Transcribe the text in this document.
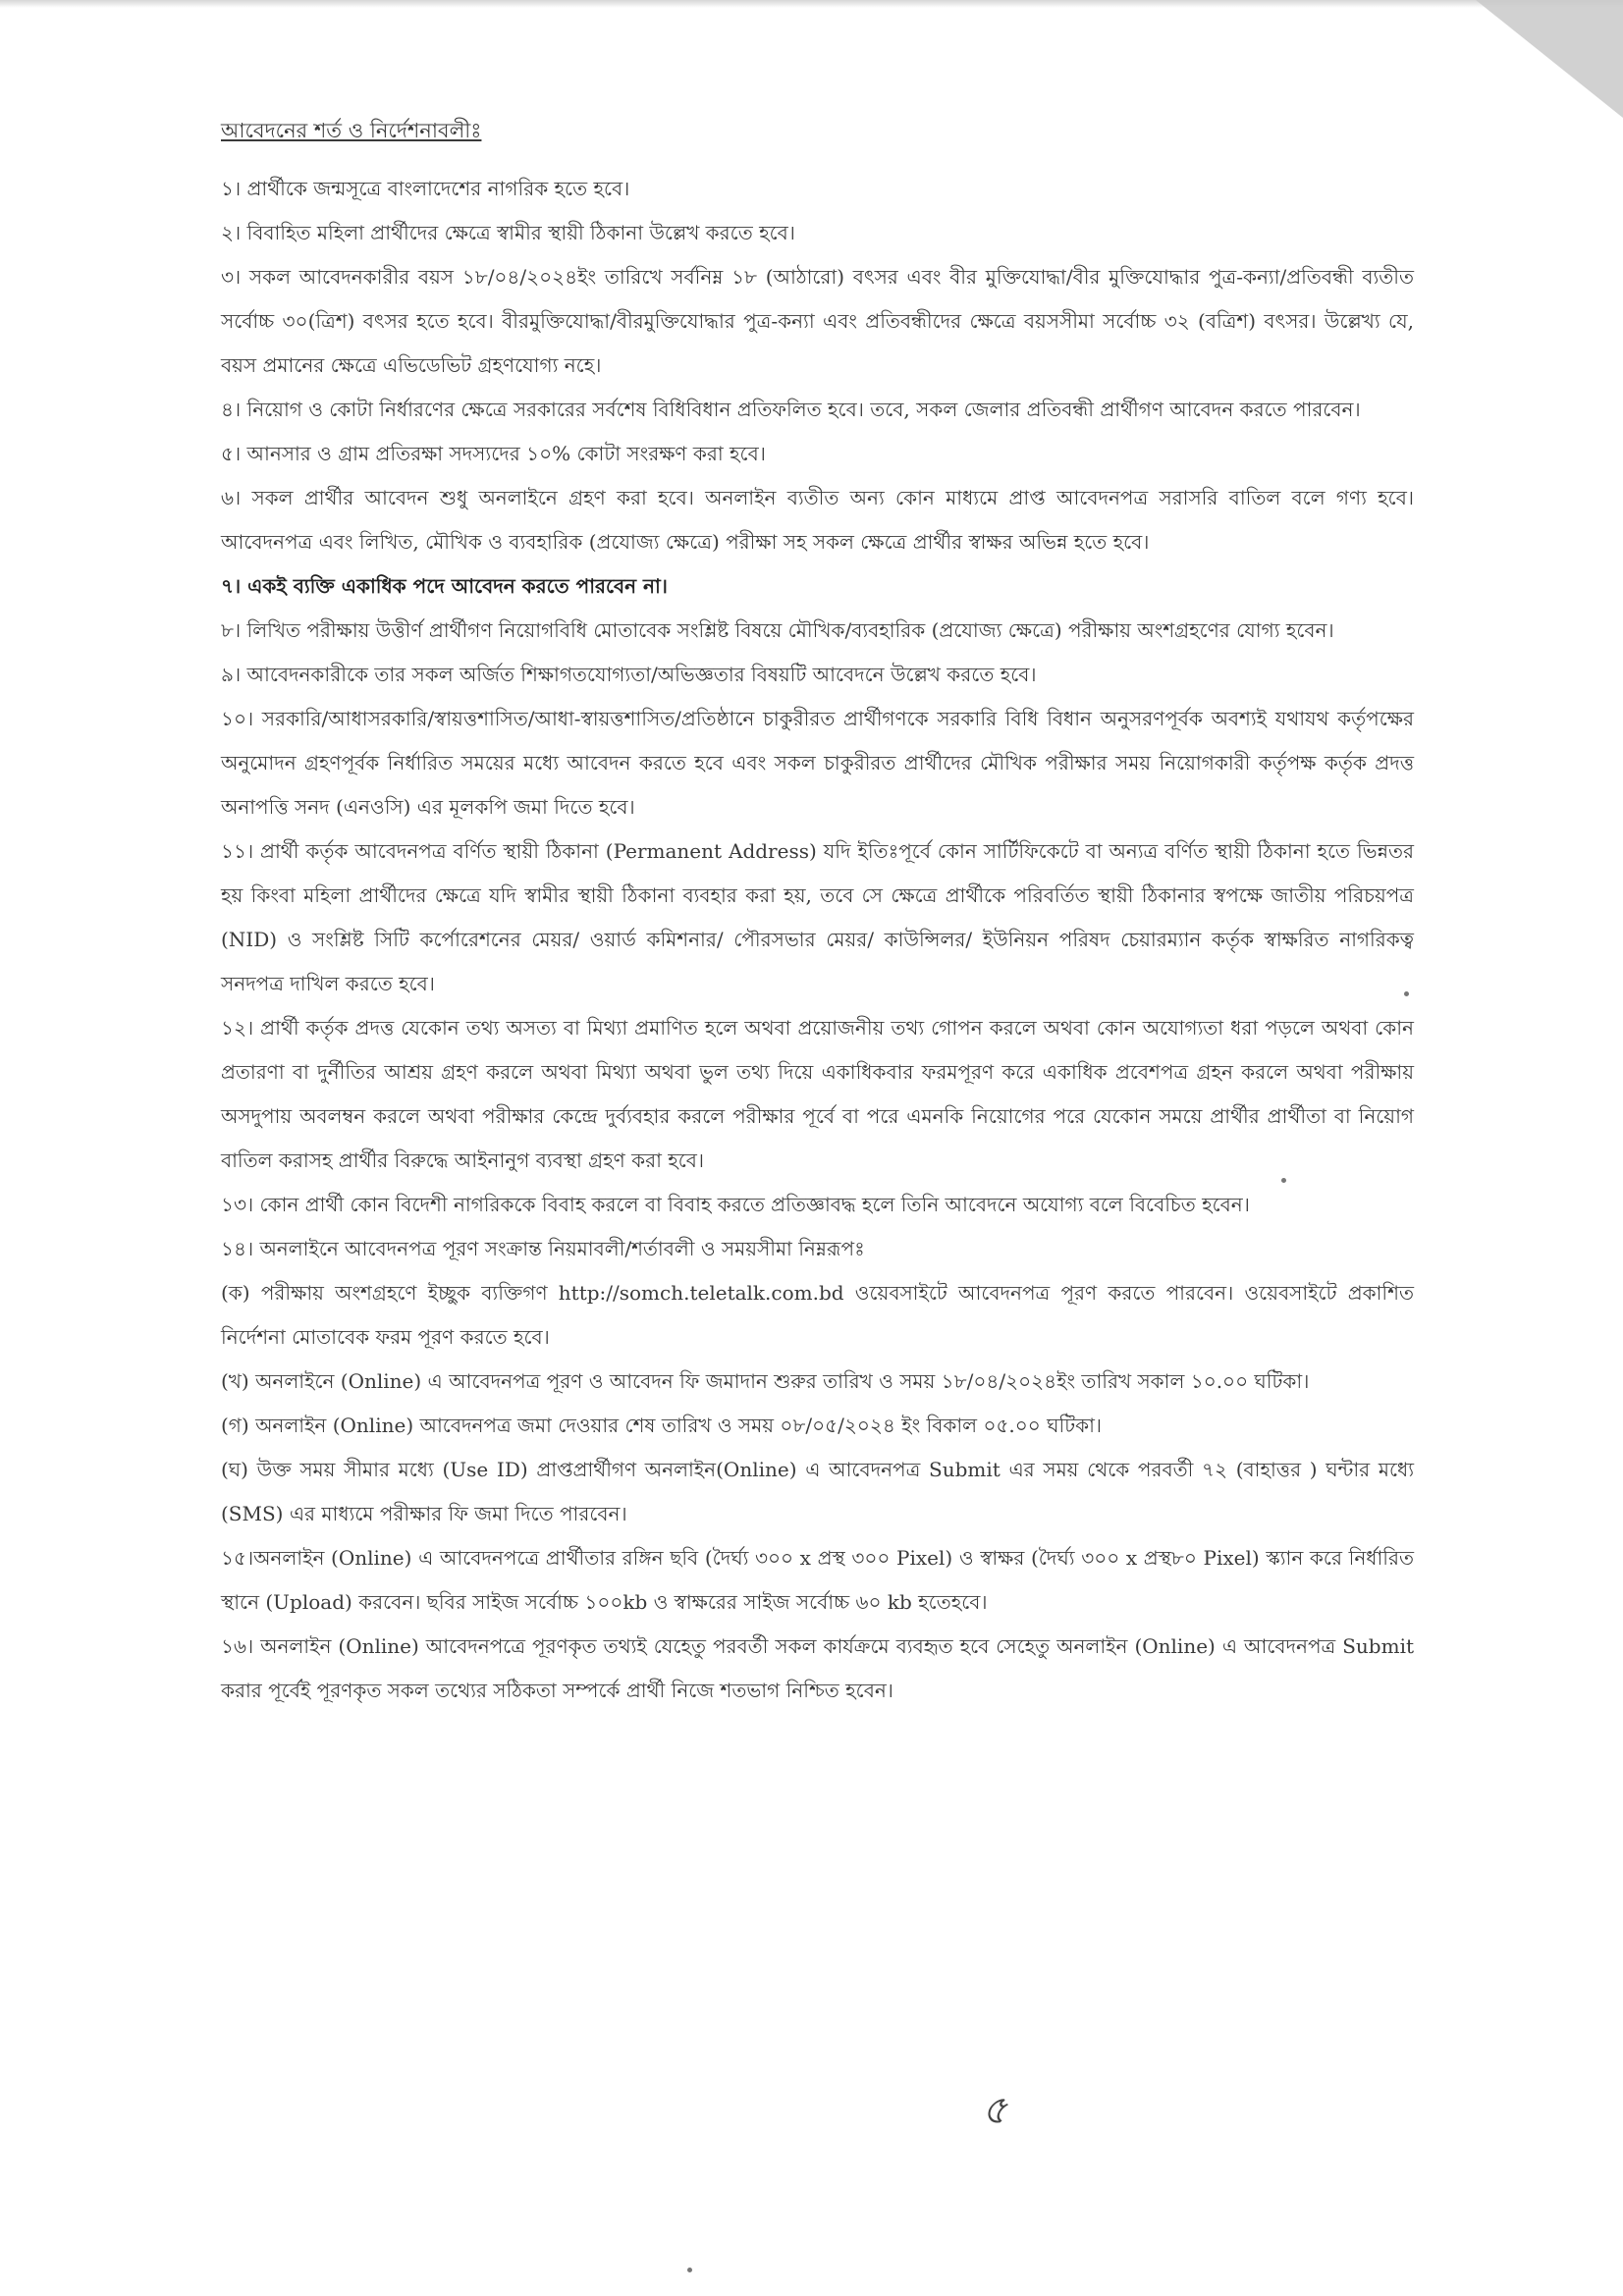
আবেদনের শর্ত ও নির্দেশনাবলীঃ

১। প্রার্থীকে জন্মসূত্রে বাংলাদেশের নাগরিক হতে হবে।

২। বিবাহিত মহিলা প্রার্থীদের ক্ষেত্রে স্বামীর স্থায়ী ঠিকানা উল্লেখ করতে হবে।

৩। সকল আবেদনকারীর বয়স ১৮/০৪/২০২৪ইং তারিখে সর্বনিম্ন ১৮ (আঠারো) বৎসর এবং বীর মুক্তিযোদ্ধা/বীর মুক্তিযোদ্ধার পুত্র-কন্যা/প্রতিবন্ধী ব্যতীত সর্বোচ্চ ৩০(ত্রিশ) বৎসর হতে হবে। বীরমুক্তিযোদ্ধা/বীরমুক্তিযোদ্ধার পুত্র-কন্যা এবং প্রতিবন্ধীদের ক্ষেত্রে বয়সসীমা সর্বোচ্চ ৩২ (বত্রিশ) বৎসর। উল্লেখ্য যে, বয়স প্রমানের ক্ষেত্রে এভিডেভিট গ্রহণযোগ্য নহে।

৪। নিয়োগ ও কোটা নির্ধারণের ক্ষেত্রে সরকারের সর্বশেষ বিধিবিধান প্রতিফলিত হবে। তবে, সকল জেলার প্রতিবন্ধী প্রার্থীগণ আবেদন করতে পারবেন।

৫। আনসার ও গ্রাম প্রতিরক্ষা সদস্যদের ১০% কোটা সংরক্ষণ করা হবে।

৬। সকল প্রার্থীর আবেদন শুধু অনলাইনে গ্রহণ করা হবে। অনলাইন ব্যতীত অন্য কোন মাধ্যমে প্রাপ্ত আবেদনপত্র সরাসরি বাতিল বলে গণ্য হবে। আবেদনপত্র এবং লিখিত, মৌখিক ও ব্যবহারিক (প্রযোজ্য ক্ষেত্রে) পরীক্ষা সহ সকল ক্ষেত্রে প্রার্থীর স্বাক্ষর অভিন্ন হতে হবে।

৭। একই ব্যক্তি একাধিক পদে আবেদন করতে পারবেন না।

৮। লিখিত পরীক্ষায় উত্তীর্ণ প্রার্থীগণ নিয়োগবিধি মোতাবেক সংশ্লিষ্ট বিষয়ে মৌখিক/ব্যবহারিক (প্রযোজ্য ক্ষেত্রে) পরীক্ষায় অংশগ্রহণের যোগ্য হবেন।

৯। আবেদনকারীকে তার সকল অর্জিত শিক্ষাগতযোগ্যতা/অভিজ্ঞতার বিষয়টি আবেদনে উল্লেখ করতে হবে।

১০। সরকারি/আধাসরকারি/স্বায়ত্তশাসিত/আধা-স্বায়ত্তশাসিত/প্রতিষ্ঠানে চাকুরীরত প্রার্থীগণকে সরকারি বিধি বিধান অনুসরণপূর্বক অবশ্যই যথাযথ কর্তৃপক্ষের অনুমোদন গ্রহণপূর্বক নির্ধারিত সময়ের মধ্যে আবেদন করতে হবে এবং সকল চাকুরীরত প্রার্থীদের মৌখিক পরীক্ষার সময় নিয়োগকারী কর্তৃপক্ষ কর্তৃক প্রদত্ত অনাপত্তি সনদ (এনওসি) এর মূলকপি জমা দিতে হবে।

১১। প্রার্থী কর্তৃক আবেদনপত্র বর্ণিত স্থায়ী ঠিকানা (Permanent Address) যদি ইতিঃপূর্বে কোন সার্টিফিকেটে বা অন্যত্র বর্ণিত স্থায়ী ঠিকানা হতে ভিন্নতর হয় কিংবা মহিলা প্রার্থীদের ক্ষেত্রে যদি স্বামীর স্থায়ী ঠিকানা ব্যবহার করা হয়, তবে সে ক্ষেত্রে প্রার্থীকে পরিবর্তিত স্থায়ী ঠিকানার স্বপক্ষে জাতীয় পরিচয়পত্র (NID) ও সংশ্লিষ্ট সিটি কর্পোরেশনের মেয়র/ ওয়ার্ড কমিশনার/ পৌরসভার মেয়র/ কাউন্সিলর/ ইউনিয়ন পরিষদ চেয়ারম্যান কর্তৃক স্বাক্ষরিত নাগরিকত্ব সনদপত্র দাখিল করতে হবে।

১২। প্রার্থী কর্তৃক প্রদত্ত যেকোন তথ্য অসত্য বা মিথ্যা প্রমাণিত হলে অথবা প্রয়োজনীয় তথ্য গোপন করলে অথবা কোন অযোগ্যতা ধরা পড়লে অথবা কোন প্রতারণা বা দুর্নীতির আশ্রয় গ্রহণ করলে অথবা মিথ্যা অথবা ভুল তথ্য দিয়ে একাধিকবার ফরমপূরণ করে একাধিক প্রবেশপত্র গ্রহন করলে অথবা পরীক্ষায় অসদুপায় অবলম্বন করলে অথবা পরীক্ষার কেন্দ্রে দুর্ব্যবহার করলে পরীক্ষার পূর্বে বা পরে এমনকি নিয়োগের পরে যেকোন সময়ে প্রার্থীর প্রার্থীতা বা নিয়োগ বাতিল করাসহ প্রার্থীর বিরুদ্ধে আইনানুগ ব্যবস্থা গ্রহণ করা হবে।

১৩। কোন প্রার্থী কোন বিদেশী নাগরিককে বিবাহ করলে বা বিবাহ করতে প্রতিজ্ঞাবদ্ধ হলে তিনি আবেদনে অযোগ্য বলে বিবেচিত হবেন।

১৪। অনলাইনে আবেদনপত্র পূরণ সংক্রান্ত নিয়মাবলী/শর্তাবলী ও সময়সীমা নিম্নরূপঃ

(ক) পরীক্ষায় অংশগ্রহণে ইচ্ছুক ব্যক্তিগণ http://somch.teletalk.com.bd ওয়েবসাইটে আবেদনপত্র পূরণ করতে পারবেন। ওয়েবসাইটে প্রকাশিত নির্দেশনা মোতাবেক ফরম পূরণ করতে হবে।

(খ) অনলাইনে (Online) এ আবেদনপত্র পূরণ ও আবেদন ফি জমাদান শুরুর তারিখ ও সময় ১৮/০৪/২০২৪ইং তারিখ সকাল ১০.০০ ঘটিকা।

(গ) অনলাইন (Online) আবেদনপত্র জমা দেওয়ার শেষ তারিখ ও সময় ০৮/০৫/২০২৪ ইং বিকাল ০৫.০০ ঘটিকা।

(ঘ) উক্ত সময় সীমার মধ্যে (Use ID) প্রাপ্তপ্রার্থীগণ অনলাইন(Online) এ আবেদনপত্র Submit এর সময় থেকে পরবর্তী ৭২ (বাহাত্তর ) ঘন্টার মধ্যে (SMS) এর মাধ্যমে পরীক্ষার ফি জমা দিতে পারবেন।

১৫।অনলাইন (Online) এ আবেদনপত্রে প্রার্থীতার রঙ্গিন ছবি (দৈর্ঘ্য ৩০০ x প্রস্থ ৩০০ Pixel) ও স্বাক্ষর (দৈর্ঘ্য ৩০০ x প্রস্থ৮০ Pixel) স্ক্যান করে নির্ধারিত স্থানে (Upload) করবেন। ছবির সাইজ সর্বোচ্চ ১০০kb ও স্বাক্ষরের সাইজ সর্বোচ্চ ৬০ kb হতেহবে।

১৬। অনলাইন (Online) আবেদনপত্রে পূরণকৃত তথ্যই যেহেতু পরবর্তী সকল কার্যক্রমে ব্যবহৃত হবে সেহেতু অনলাইন (Online) এ আবেদনপত্র Submit করার পূর্বেই পূরণকৃত সকল তথ্যের সঠিকতা সম্পর্কে প্রার্থী নিজে শতভাগ নিশ্চিত হবেন।

৫
